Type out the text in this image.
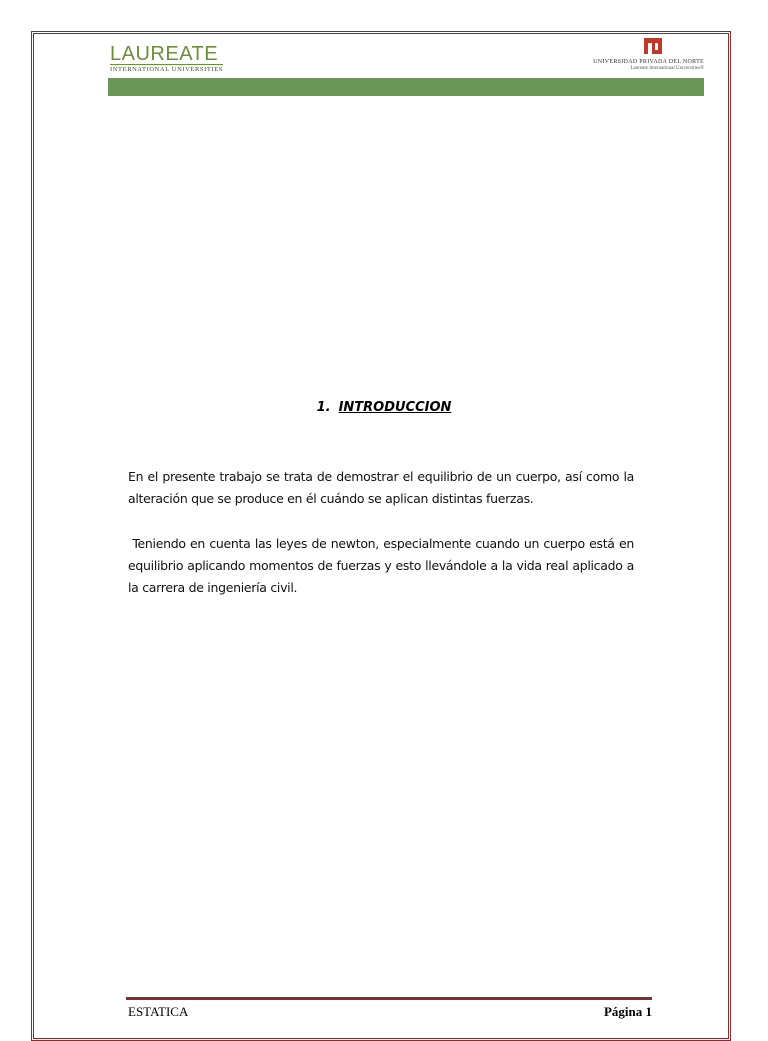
LAUREATE
INTERNATIONAL UNIVERSITIES
UNIVERSIDAD PRIVADA DEL NORTE
Laureate International Universities®
1. INTRODUCCION

En el presente trabajo se trata de demostrar el equilibrio de un cuerpo, así como la alteración que se produce en él cuándo se aplican distintas fuerzas.

Teniendo en cuenta las leyes de newton, especialmente cuando un cuerpo está en equilibrio aplicando momentos de fuerzas y esto llevándole a la vida real aplicado a la carrera de ingeniería civil.

ESTATICA	Página 1
